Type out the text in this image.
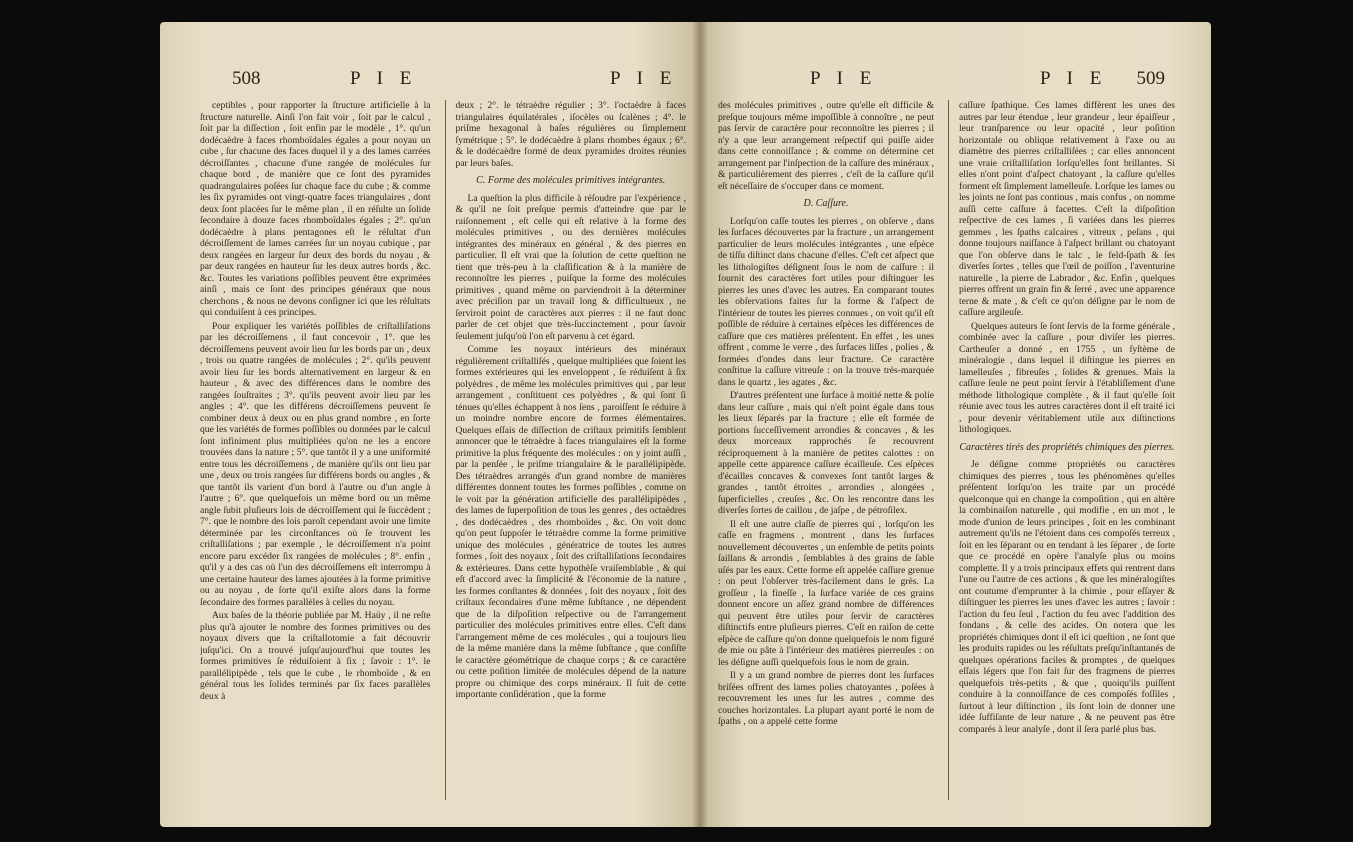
508	P I E	P I E

ceptibles , pour rapporter la ſtructure artificielle à la ſtructure naturelle. Ainſi l'on fait voir , ſoit par le calcul , ſoit par la diſſection , ſoit enfin par le modèle , 1°. qu'un dodécaèdre à faces rhomboïdales égales a pour noyau un cube , ſur chacune des faces duquel il y a des lames carrées décroiſſantes , chacune d'une rangée de molécules ſur chaque bord , de manière que ce ſont des pyramides quadrangulaires poſées ſur chaque face du cube ; & comme les ſix pyramides ont vingt-quatre faces triangulaires , dont deux ſont placées ſur le même plan , il en réſulte un ſolide ſecondaire à douze faces rhomboïdales égales ; 2°. qu'un dodécaèdre à plans pentagones eſt le réſultat d'un décroiſſement de lames carrées ſur un noyau cubique , par deux rangées en largeur ſur deux des bords du noyau , & par deux rangées en hauteur ſur les deux autres bords , &c. &c. Toutes les variations poſſibles peuvent être exprimées ainſi , mais ce ſont des principes généraux que nous cherchons , & nous ne devons conſigner ici que les réſultats qui conduiſent à ces principes.

Pour expliquer les variétés poſſibles de criſtalliſations par les décroiſſemens , il faut concevoir , 1°. que les décroiſſemens peuvent avoir lieu ſur les bords par un , deux , trois ou quatre rangées de molécules ; 2°. qu'ils peuvent avoir lieu ſur les bords alternativement en largeur & en hauteur , & avec des différences dans le nombre des rangées ſouſtraites ; 3°. qu'ils peuvent avoir lieu par les angles ; 4°. que les différens décroiſſemens peuvent ſe combiner deux à deux ou en plus grand nombre , en ſorte que les variétés de formes poſſibles ou données par le calcul ſont infiniment plus multipliées qu'on ne les a encore trouvées dans la nature ; 5°. que tantôt il y a une uniformité entre tous les décroiſſemens , de manière qu'ils ont lieu par une , deux ou trois rangées ſur différens bords ou angles , & que tantôt ils varient d'un bord à l'autre ou d'un angle à l'autre ; 6°. que quelquefois un même bord ou un même angle ſubit pluſieurs lois de décroiſſement qui ſe ſuccèdent ; 7°. que le nombre des lois paroît cependant avoir une limite déterminée par les circonſtances où ſe trouvent les criſtalliſations ; par exemple , le décroiſſement n'a point encore paru excéder ſix rangées de molécules ; 8°. enfin , qu'il y a des cas où l'un des décroiſſemens eſt interrompu à une certaine hauteur des lames ajoutées à la forme primitive ou au noyau , de ſorte qu'il exiſte alors dans la forme ſecondaire des formes parallèles à celles du noyau.

Aux baſes de la théorie publiée par M. Haüy , il ne reſte plus qu'à ajouter le nombre des formes primitives ou des noyaux divers que la criſtallotomie a fait découvrir juſqu'ici. On a trouvé juſqu'aujourd'hui que toutes les formes primitives ſe réduiſoient à ſix ; ſavoir : 1°. le parallélipipède , tels que le cube , le rhomboïde , & en général tous les ſolides terminés par ſix faces parallèles deux à

deux ; 2°. le tétraèdre régulier ; 3°. l'octaèdre à faces triangulaires équilatérales , iſocèles ou ſcalènes ; 4°. le priſme hexagonal à baſes régulières ou ſimplement ſymétrique ; 5°. le dodécaèdre à plans rhombes égaux ; 6°. & le dodécaèdre formé de deux pyramides droites réunies par leurs baſes.

C. Forme des molécules primitives intégrantes.

La queſtion la plus difficile à réſoudre par l'expérience , & qu'il ne ſoit preſque permis d'atteindre que par le raiſonnement , eſt celle qui eſt relative à la forme des molécules primitives , ou des dernières molécules intégrantes des minéraux en général , & des pierres en particulier. Il eſt vrai que la ſolution de cette queſtion ne tient que très-peu à la claſſification & à la manière de reconnoître les pierres , puiſque la forme des molécules primitives , quand même on parviendroit à la déterminer avec préciſion par un travail long & difficultueux , ne ſerviroit point de caractères aux pierres : il ne faut donc parler de cet objet que très-ſuccinctement , pour ſavoir ſeulement juſqu'où l'on eſt parvenu à cet égard.

Comme les noyaux intérieurs des minéraux régulièrement criſtalliſés , quelque multipliées que ſoient les formes extérieures qui les enveloppent , ſe réduiſent à ſix polyèdres , de même les molécules primitives qui , par leur arrangement , conſtituent ces polyèdres , & qui ſont ſi ténues qu'elles échappent à nos ſens , paroiſſent ſe réduire à un moindre nombre encore de formes élémentaires. Quelques eſſais de diſſection de criſtaux primitifs ſemblent annoncer que le tétraèdre à faces triangulaires eſt la forme primitive la plus fréquente des molécules : on y joint auſſi , par la penſée , le priſme triangulaire & le parallélipipède. Des tétraèdres arrangés d'un grand nombre de manières différentes donnent toutes les formes poſſibles , comme on le voit par la génération artificielle des parallélipipèdes , des lames de ſuperpoſition de tous les genres , des octaèdres , des dodécaèdres , des rhomboïdes , &c. On voit donc qu'on peut ſuppoſer le tétraèdre comme la forme primitive unique des molécules , génératrice de toutes les autres formes , ſoit des noyaux , ſoit des criſtalliſations ſecondaires & extérieures. Dans cette hypothèſe vraiſemblable , & qui eſt d'accord avec la ſimplicité & l'économie de la nature , les formes conſtantes & données , ſoit des noyaux , ſoit des criſtaux ſecondaires d'une même ſubſtance , ne dépendent que de la diſpoſition reſpective ou de l'arrangement particulier des molécules primitives entre elles. C'eſt dans l'arrangement même de ces molécules , qui a toujours lieu de la même manière dans la même ſubſtance , que conſiſte le caractère géométrique de chaque corps ; & ce caractère ou cette poſition limitée de molécules dépend de la nature propre ou chimique des corps minéraux. Il ſuit de cette importante conſidération , que la forme

P I E	P I E 509

des molécules primitives , outre qu'elle eſt difficile & preſque toujours même impoſſible à connoître , ne peut pas ſervir de caractère pour reconnoître les pierres ; il n'y a que leur arrangement reſpectif qui puiſſe aider dans cette connoiſſance ; & comme on détermine cet arrangement par l'inſpection de la caſſure des minéraux , & particulièrement des pierres , c'eſt de la caſſure qu'il eſt néceſſaire de s'occuper dans ce moment.

D. Caſſure.

Lorſqu'on caſſe toutes les pierres , on obſerve , dans les ſurfaces découvertes par la fracture , un arrangement particulier de leurs molécules intégrantes , une eſpèce de tiſſu diſtinct dans chacune d'elles. C'eſt cet aſpect que les lithologiſtes déſignent ſous le nom de caſſure : il fournit des caractères fort utiles pour diſtinguer les pierres les unes d'avec les autres. En comparant toutes les obſervations faites ſur la forme & l'aſpect de l'intérieur de toutes les pierres connues , on voit qu'il eſt poſſible de réduire à certaines eſpèces les différences de caſſure que ces matières préſentent. En effet , les unes offrent , comme le verre , des ſurfaces liſſes , polies , & formées d'ondes dans leur fracture. Ce caractère conſtitue la caſſure vitreuſe : on la trouve très-marquée dans le quartz , les agates , &c.

D'autres préſentent une ſurface à moitié nette & polie dans leur caſſure , mais qui n'eſt point égale dans tous les lieux ſéparés par la fracture ; elle eſt formée de portions ſucceſſivement arrondies & concaves , & les deux morceaux rapprochés ſe recouvrent réciproquement à la manière de petites calottes : on appelle cette apparence caſſure écailleuſe. Ces eſpèces d'écailles concaves & convexes ſont tantôt larges & grandes , tantôt étroites , arrondies , alongées , ſuperficielles , creuſes , &c. On les rencontre dans les diverſes ſortes de caillou , de jaſpe , de pétroſilex.

Il eſt une autre claſſe de pierres qui , lorſqu'on les caſſe en fragmens , montrent , dans les ſurfaces nouvellement découvertes , un enſemble de petits points ſaillans & arrondis , ſemblables à des grains de ſable uſés par les eaux. Cette forme eſt appelée caſſure grenue : on peut l'obſerver très-facilement dans le grès. La groſſeur , la fineſſe , la ſurface variée de ces grains donnent encore un aſſez grand nombre de différences qui peuvent être utiles pour ſervir de caractères diſtinctifs entre pluſieurs pierres. C'eſt en raiſon de cette eſpèce de caſſure qu'on donne quelquefois le nom figuré de mie ou pâte à l'intérieur des matières pierreuſes : on les déſigne auſſi quelquefois ſous le nom de grain.

Il y a un grand nombre de pierres dont les ſurfaces briſées offrent des lames polies chatoyantes , poſées à recouvrement les unes ſur les autres , comme des couches horizontales. La plupart ayant porté le nom de ſpaths , on a appelé cette forme

caſſure ſpathique. Ces lames diffèrent les unes des autres par leur étendue , leur grandeur , leur épaiſſeur , leur tranſparence ou leur opacité , leur poſition horizontale ou oblique relativement à l'axe ou au diamètre des pierres criſtalliſées ; car elles annoncent une vraie criſtalliſation lorſqu'elles ſont brillantes. Si elles n'ont point d'aſpect chatoyant , la caſſure qu'elles forment eſt ſimplement lamelleuſe. Lorſque les lames ou les joints ne ſont pas continus , mais confus , on nomme auſſi cette caſſure à facettes. C'eſt la diſpoſition reſpective de ces lames , ſi variées dans les pierres gemmes , les ſpaths calcaires , vitreux , peſans , qui donne toujours naiſſance à l'aſpect brillant ou chatoyant que l'on obſerve dans le talc , le feld-ſpath & ſes diverſes ſortes , telles que l'œil de poiſſon , l'aventurine naturelle , la pierre de Labrador , &c. Enfin , quelques pierres offrent un grain fin & ſerré , avec une apparence terne & mate , & c'eſt ce qu'on déſigne par le nom de caſſure argileuſe.

Quelques auteurs ſe ſont ſervis de la forme générale , combinée avec la caſſure , pour diviſer les pierres. Cartheuſer a donné , en 1755 , un ſyſtème de minéralogie , dans lequel il diſtingue les pierres en lamelleuſes , fibreuſes , ſolides & grenues. Mais la caſſure ſeule ne peut point ſervir à l'établiſſement d'une méthode lithologique complète , & il faut qu'elle ſoit réunie avec tous les autres caractères dont il eſt traité ici , pour devenir véritablement utile aux diſtinctions lithologiques.

Caractères tirés des propriétés chimiques des pierres.

Je déſigne comme propriétés ou caractères chimiques des pierres , tous les phénomènes qu'elles préſentent lorſqu'on les traite par un procédé quelconque qui en change la compoſition , qui en altère la combinaiſon naturelle , qui modifie , en un mot , le mode d'union de leurs principes , ſoit en les combinant autrement qu'ils ne l'étoient dans ces compoſés terreux , ſoit en les ſéparant ou en tendant à les ſéparer , de ſorte que ce procédé en opère l'analyſe plus ou moins complette. Il y a trois principaux effets qui rentrent dans l'une ou l'autre de ces actions , & que les minéralogiſtes ont coutume d'emprunter à la chimie , pour eſſayer & diſtinguer les pierres les unes d'avec les autres ; ſavoir : l'action du feu ſeul , l'action du feu avec l'addition des fondans , & celle des acides. On notera que les propriétés chimiques dont il eſt ici queſtion , ne ſont que les produits rapides ou les réſultats preſqu'inſtantanés de quelques opérations faciles & promptes , de quelques eſſais légers que l'on fait ſur des fragmens de pierres quelquefois très-petits , & que , quoiqu'ils puiſſent conduire à la connoiſſance de ces compoſés foſſiles , ſurtout à leur diſtinction , ils ſont loin de donner une idée ſuffiſante de leur nature , & ne peuvent pas être comparés à leur analyſe , dont il ſera parlé plus bas.
